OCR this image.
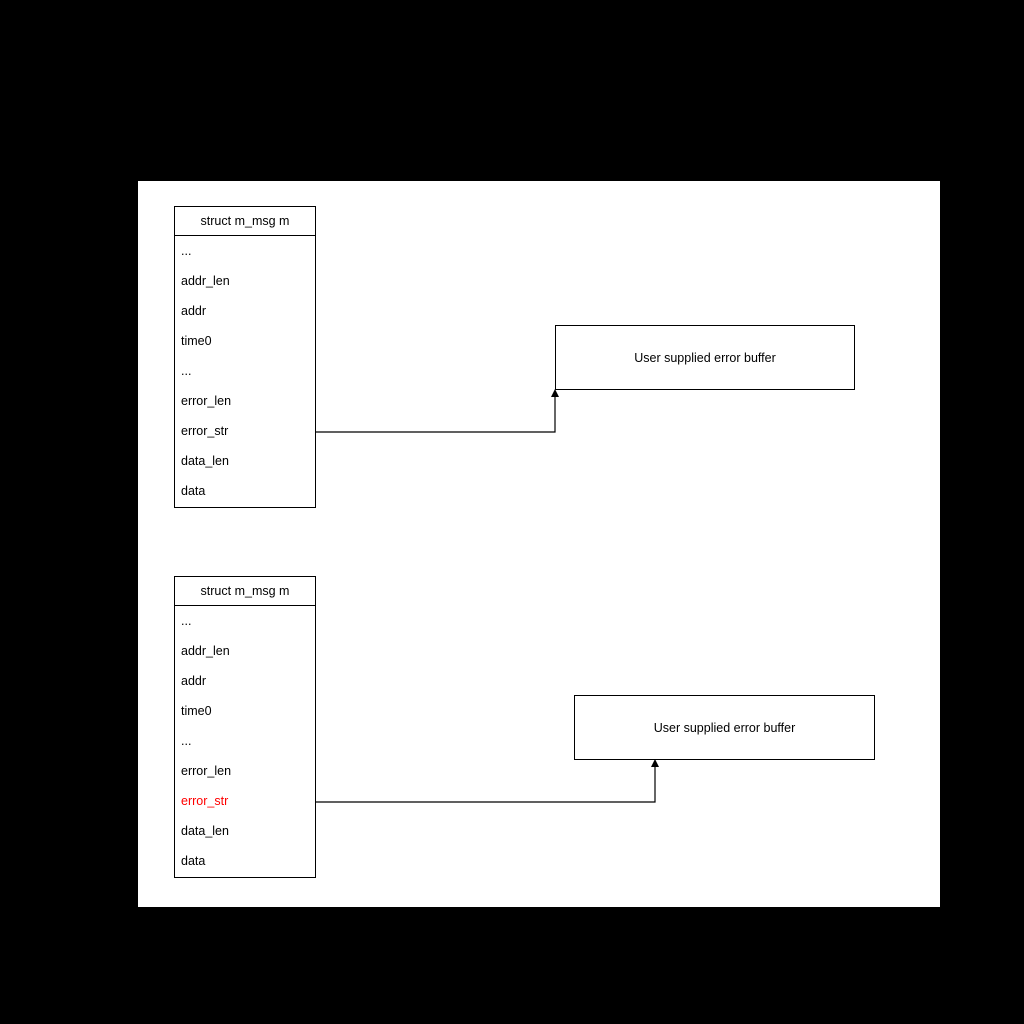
struct m_msg m
...
addr_len
addr
time0
...
error_len
error_str
data_len
data
User supplied error buffer
struct m_msg m
...
addr_len
addr
time0
...
error_len
error_str
data_len
data
User supplied error buffer
